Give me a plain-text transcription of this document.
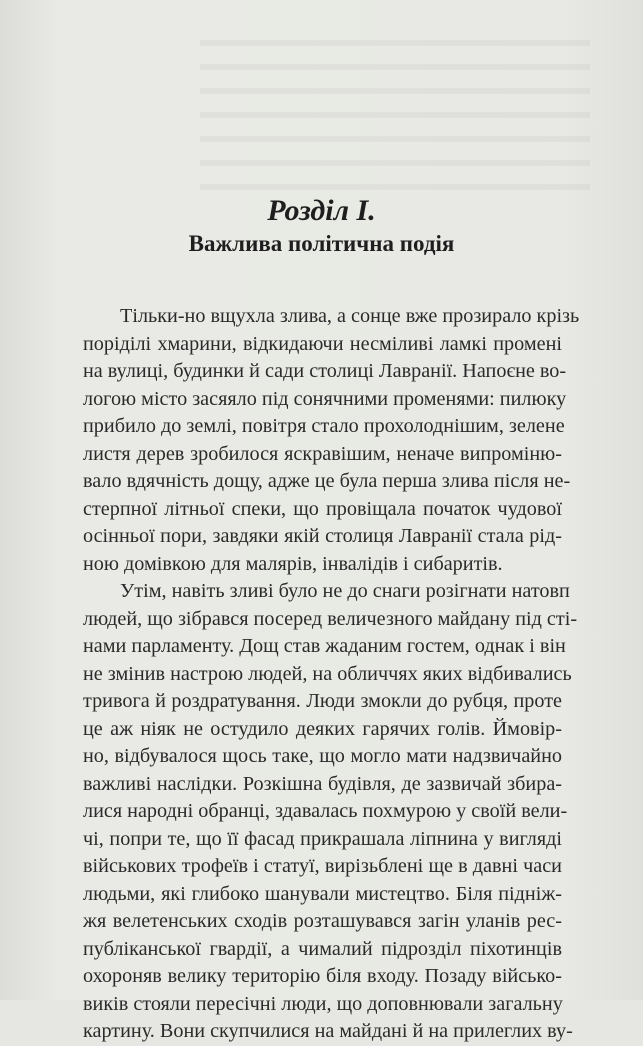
Розділ І.
Важлива політична подія
Тільки-но вщухла злива, а сонце вже прозирало крізь
поріділі хмарини, відкидаючи несміливі ламкі промені
на вулиці, будинки й сади столиці Лавранії. Напоєне во-
логою місто засяяло під сонячними променями: пилюку
прибило до землі, повітря стало прохолоднішим, зелене
листя дерев зробилося яскравішим, неначе випроміню-
вало вдячність дощу, адже це була перша злива після не-
стерпної літньої спеки, що провіщала початок чудової
осінньої пори, завдяки якій столиця Лавранії стала рід-
ною домівкою для малярів, інвалідів і сибаритів.
Утім, навіть зливі було не до снаги розігнати натовп
людей, що зібрався посеред величезного майдану під сті-
нами парламенту. Дощ став жаданим гостем, однак і він
не змінив настрою людей, на обличчях яких відбивались
тривога й роздратування. Люди змокли до рубця, проте
це аж ніяк не остудило деяких гарячих голів. Ймовір-
но, відбувалося щось таке, що могло мати надзвичайно
важливі наслідки. Розкішна будівля, де зазвичай збира-
лися народні обранці, здавалась похмурою у своїй вели-
чі, попри те, що її фасад прикрашала ліпнина у вигляді
військових трофеїв і статуї, вирізьблені ще в давні часи
людьми, які глибоко шанували мистецтво. Біля підніж-
жя велетенських сходів розташувався загін уланів рес-
публіканської гвардії, а чималий підрозділ піхотинців
охороняв велику територію біля входу. Позаду військо-
виків стояли пересічні люди, що доповнювали загальну
картину. Вони скупчилися на майдані й на прилеглих ву-
